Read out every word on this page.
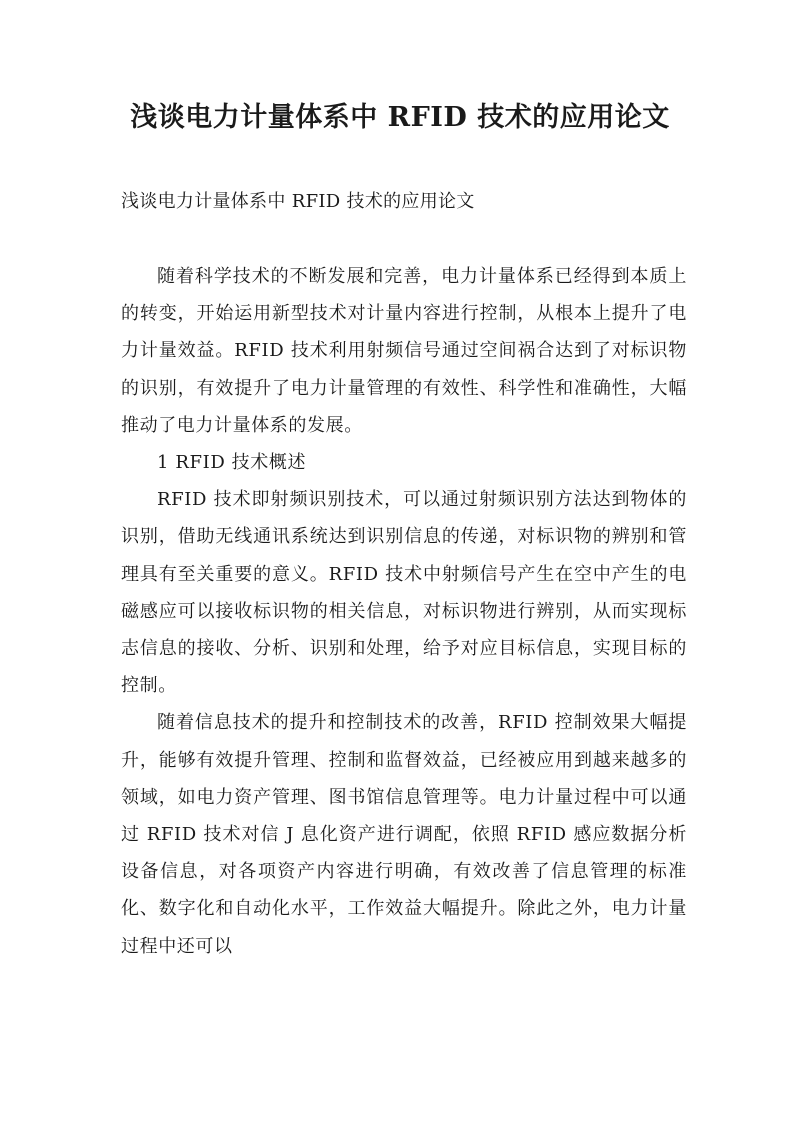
浅谈电力计量体系中 RFID 技术的应用论文

浅谈电力计量体系中 RFID 技术的应用论文

随着科学技术的不断发展和完善，电力计量体系已经得到本质上的转变，开始运用新型技术对计量内容进行控制，从根本上提升了电力计量效益。RFID 技术利用射频信号通过空间祸合达到了对标识物的识别，有效提升了电力计量管理的有效性、科学性和准确性，大幅推动了电力计量体系的发展。

1 RFID 技术概述

RFID 技术即射频识别技术，可以通过射频识别方法达到物体的识别，借助无线通讯系统达到识别信息的传递，对标识物的辨别和管理具有至关重要的意义。RFID 技术中射频信号产生在空中产生的电磁感应可以接收标识物的相关信息，对标识物进行辨别，从而实现标志信息的接收、分析、识别和处理，给予对应目标信息，实现目标的控制。

随着信息技术的提升和控制技术的改善，RFID 控制效果大幅提升，能够有效提升管理、控制和监督效益，已经被应用到越来越多的领域，如电力资产管理、图书馆信息管理等。电力计量过程中可以通过 RFID 技术对信 J 息化资产进行调配，依照 RFID 感应数据分析设备信息，对各项资产内容进行明确，有效改善了信息管理的标准化、数字化和自动化水平，工作效益大幅提升。除此之外，电力计量过程中还可以
